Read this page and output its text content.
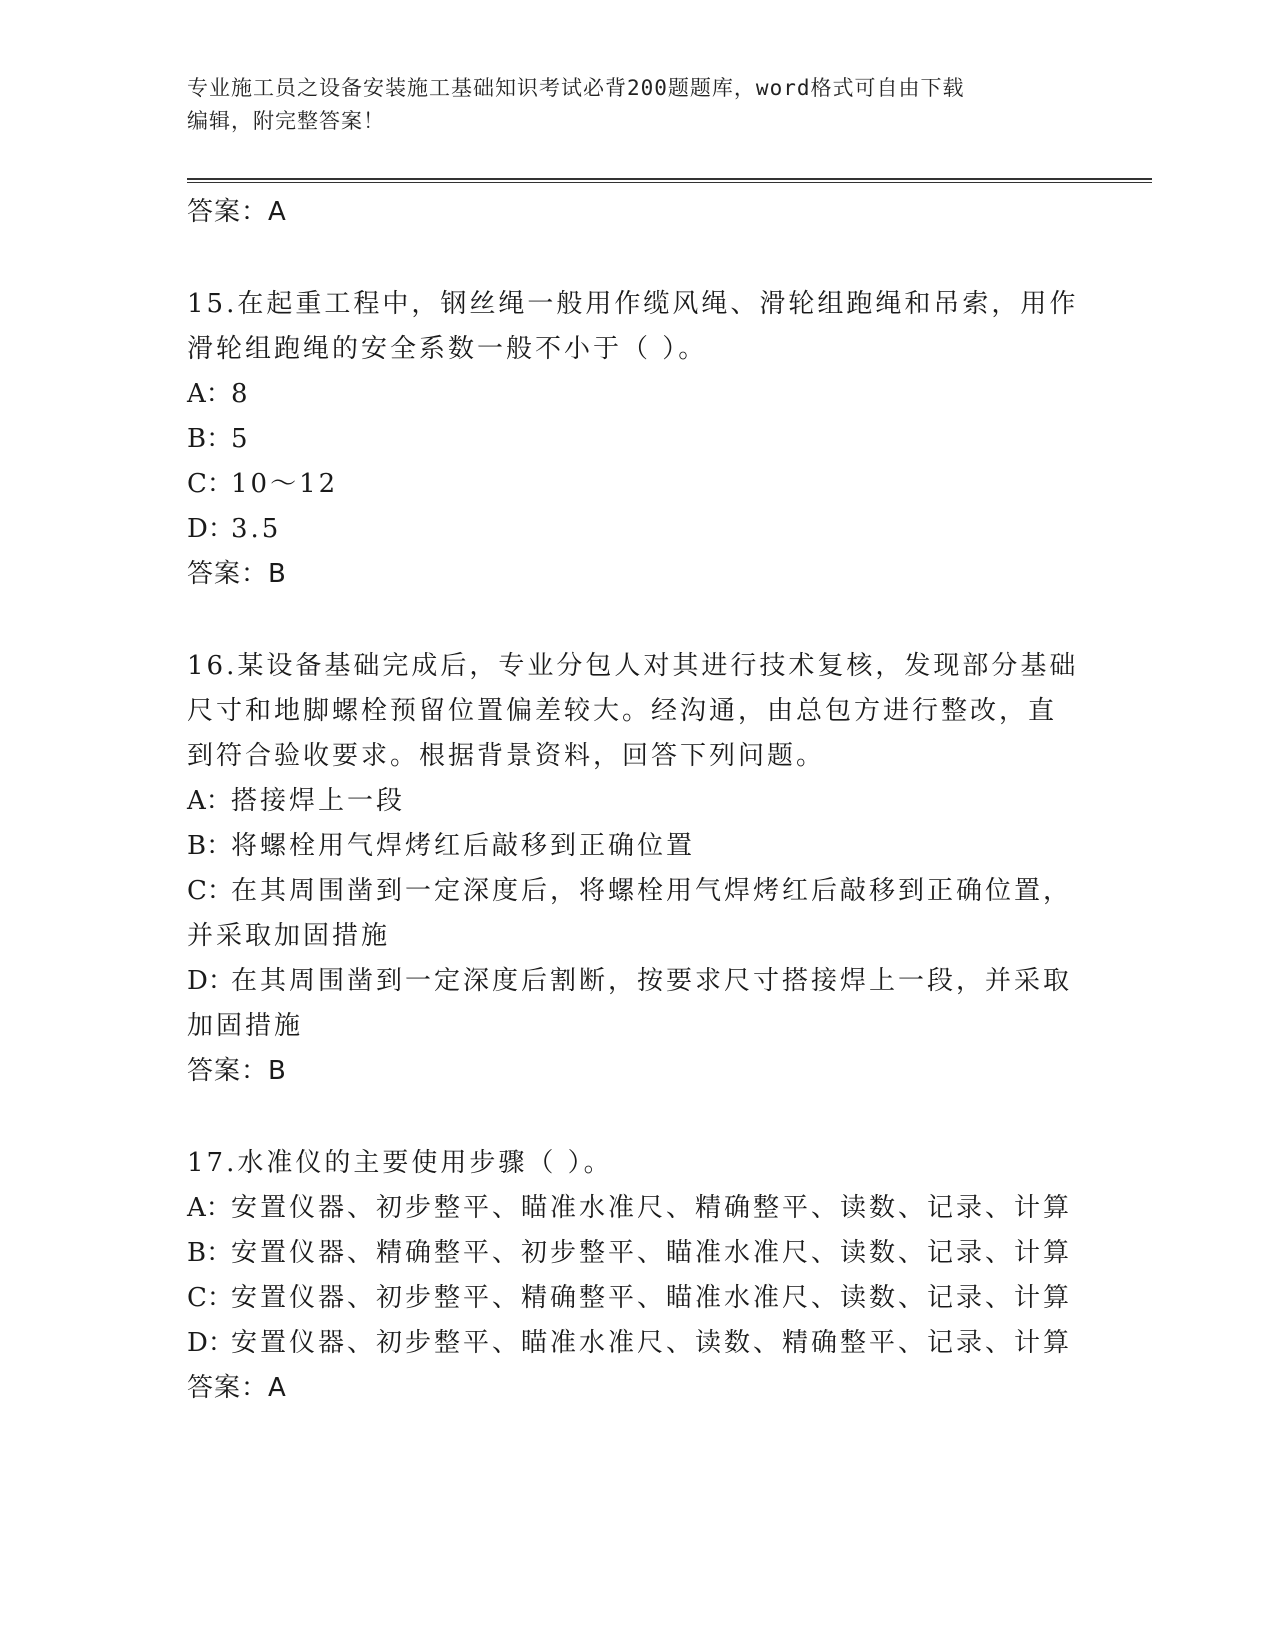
专业施工员之设备安装施工基础知识考试必背200题题库，word格式可自由下载
编辑，附完整答案！
答案：A
15.在起重工程中，钢丝绳一般用作缆风绳、滑轮组跑绳和吊索，用作
滑轮组跑绳的安全系数一般不小于（ ）。
A：8
B：5
C：10～12
D：3.5
答案：B
16.某设备基础完成后，专业分包人对其进行技术复核，发现部分基础
尺寸和地脚螺栓预留位置偏差较大。经沟通，由总包方进行整改，直
到符合验收要求。根据背景资料，回答下列问题。
A：搭接焊上一段
B：将螺栓用气焊烤红后敲移到正确位置
C：在其周围凿到一定深度后，将螺栓用气焊烤红后敲移到正确位置，
并采取加固措施
D：在其周围凿到一定深度后割断，按要求尺寸搭接焊上一段，并采取
加固措施
答案：B
17.水准仪的主要使用步骤（ ）。
A：安置仪器、初步整平、瞄准水准尺、精确整平、读数、记录、计算
B：安置仪器、精确整平、初步整平、瞄准水准尺、读数、记录、计算
C：安置仪器、初步整平、精确整平、瞄准水准尺、读数、记录、计算
D：安置仪器、初步整平、瞄准水准尺、读数、精确整平、记录、计算
答案：A
